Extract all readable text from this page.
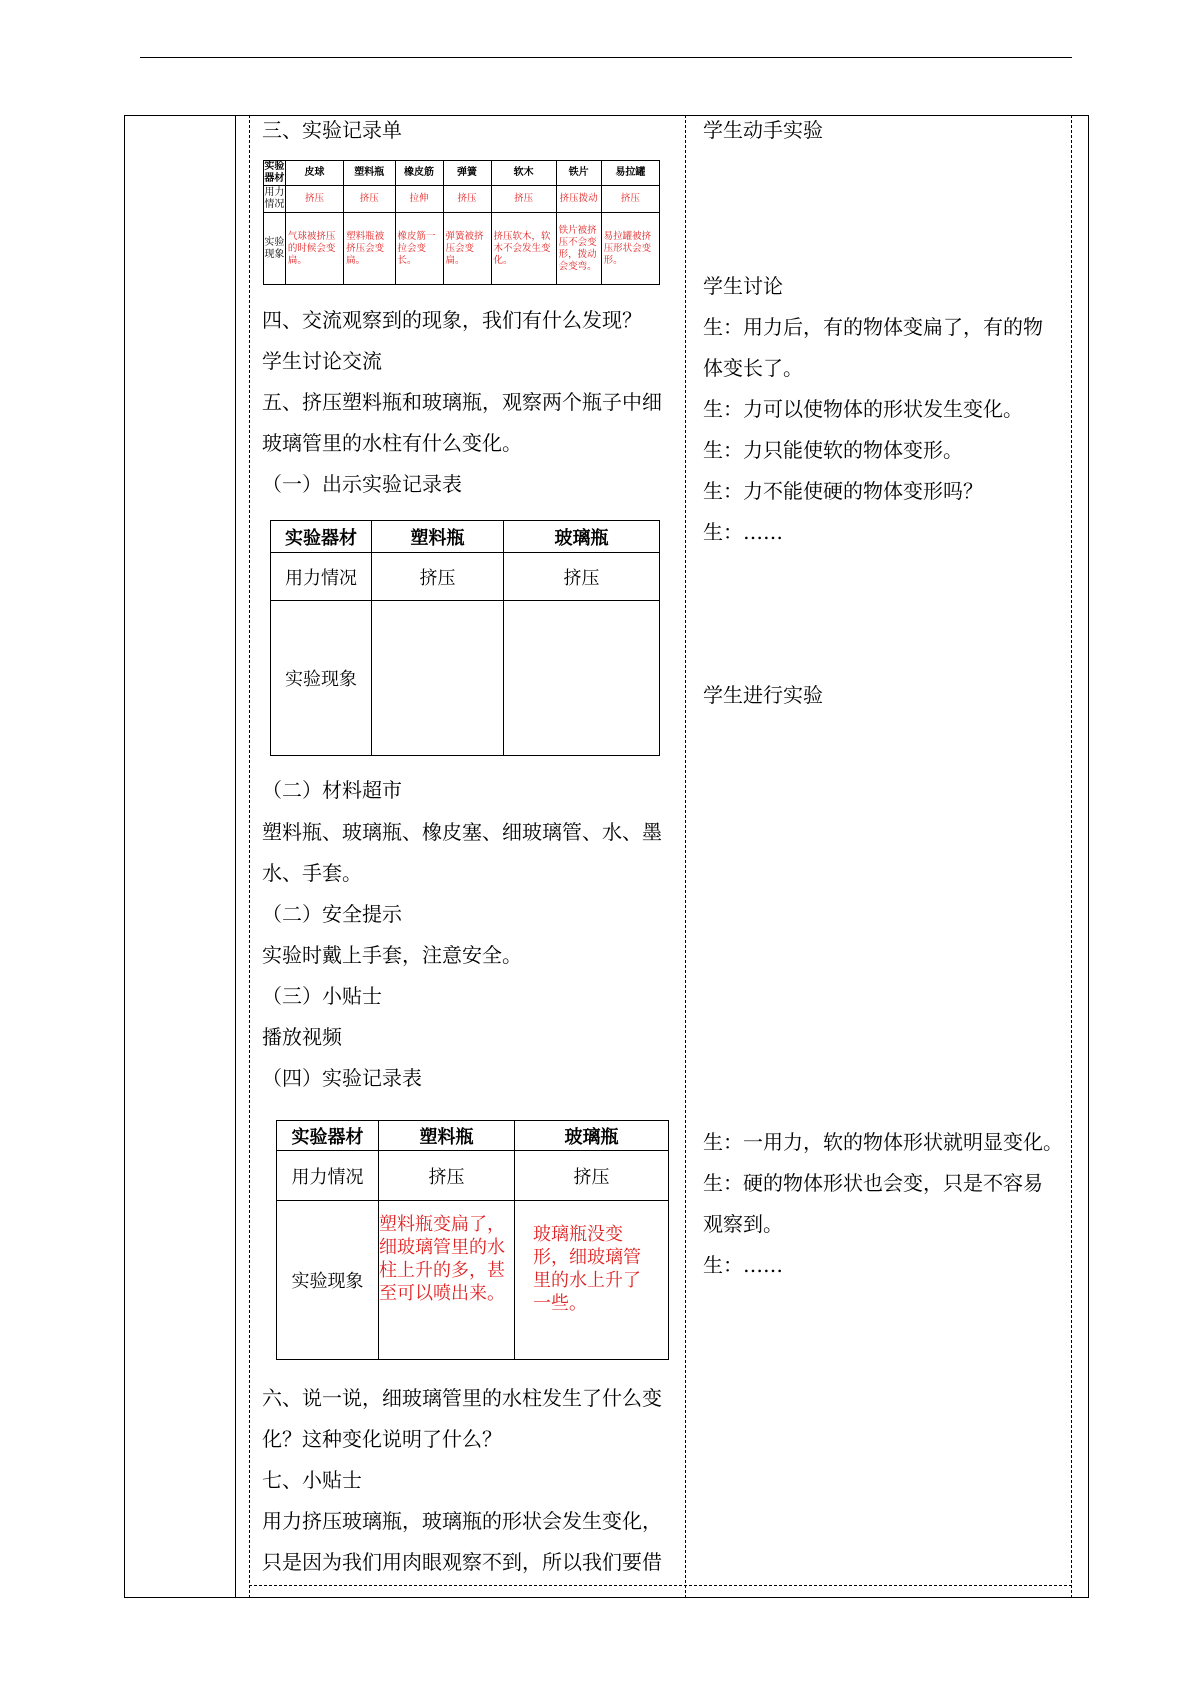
三、实验记录单
实验器材	皮球	塑料瓶	橡皮筋	弹簧	软木	铁片	易拉罐
用力情况	挤压	挤压	拉伸	挤压	挤压	挤压拨动	挤压
实验现象	气球被挤压的时候会变扁。	塑料瓶被挤压会变扁。	橡皮筋一拉会变长。	弹簧被挤压会变扁。	挤压软木，软木不会发生变化。	铁片被挤压不会变形，拨动会变弯。	易拉罐被挤压形状会变形。
四、交流观察到的现象，我们有什么发现？
学生讨论交流
五、挤压塑料瓶和玻璃瓶，观察两个瓶子中细
玻璃管里的水柱有什么变化。
（一）出示实验记录表
实验器材	塑料瓶	玻璃瓶
用力情况	挤压	挤压
实验现象		
（二）材料超市
塑料瓶、玻璃瓶、橡皮塞、细玻璃管、水、墨
水、手套。
（二）安全提示
实验时戴上手套，注意安全。
（三）小贴士
播放视频
（四）实验记录表
实验器材	塑料瓶	玻璃瓶
用力情况	挤压	挤压
实验现象	塑料瓶变扁了，细玻璃管里的水柱上升的多，甚至可以喷出来。	玻璃瓶没变形，细玻璃管里的水上升了一些。
六、说一说，细玻璃管里的水柱发生了什么变
化？这种变化说明了什么？
七、小贴士
用力挤压玻璃瓶，玻璃瓶的形状会发生变化，
只是因为我们用肉眼观察不到，所以我们要借
学生动手实验
学生讨论
生：用力后，有的物体变扁了，有的物
体变长了。
生：力可以使物体的形状发生变化。
生：力只能使软的物体变形。
生：力不能使硬的物体变形吗？
生：……
学生进行实验
生：一用力，软的物体形状就明显变化。
生：硬的物体形状也会变，只是不容易
观察到。
生：……
